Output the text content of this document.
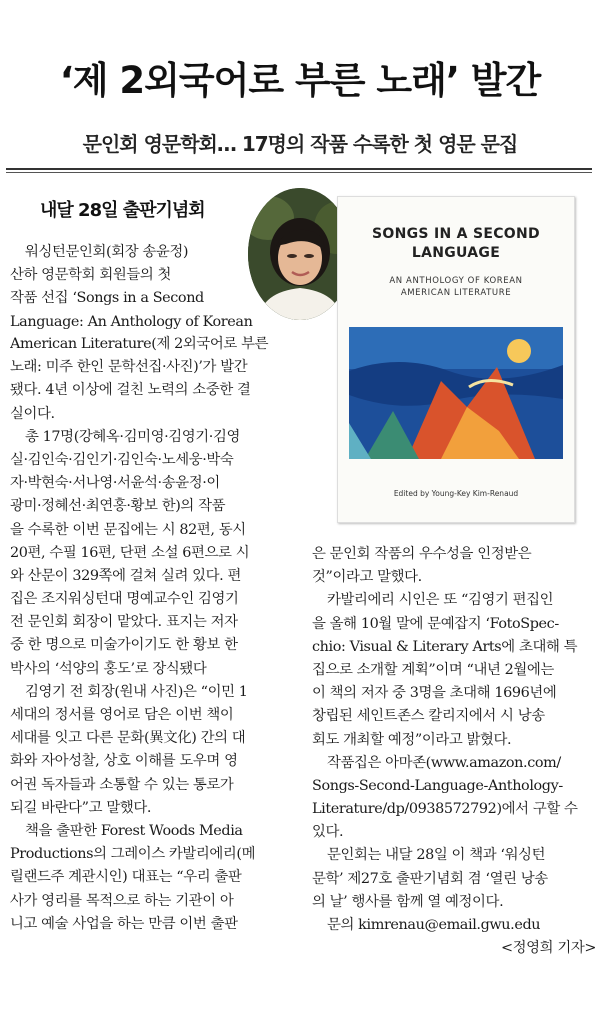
‘제 2외국어로 부른 노래’ 발간
문인회 영문학회… 17명의 작품 수록한 첫 영문 문집
내달 28일 출판기념회
SONGS IN A SECOND
LANGUAGE
AN ANTHOLOGY OF KOREAN
AMERICAN LITERATURE
Edited by Young-Key Kim-Renaud
워싱턴문인회(회장 송윤정)
산하 영문학회 회원들의 첫
작품 선집 ‘Songs in a Second
Language: An Anthology of Korean
American Literature(제 2외국어로 부른
노래: 미주 한인 문학선집·사진)’가 발간
됐다. 4년 이상에 걸친 노력의 소중한 결
실이다.
총 17명(강혜옥·김미영·김영기·김영
실·김인숙·김인기·김인숙·노세웅·박숙
자·박현숙·서나영·서윤석·송윤정·이
광미·정혜선·최연홍·황보 한)의 작품
을 수록한 이번 문집에는 시 82편, 동시
20편, 수필 16편, 단편 소설 6편으로 시
와 산문이 329쪽에 걸쳐 실려 있다. 편
집은 조지워싱턴대 명예교수인 김영기
전 문인회 회장이 맡았다. 표지는 저자
중 한 명으로 미술가이기도 한 황보 한
박사의 ‘석양의 홍도’로 장식됐다
김영기 전 회장(원내 사진)은 “이민 1
세대의 정서를 영어로 담은 이번 책이
세대를 잇고 다른 문화(異文化) 간의 대
화와 자아성찰, 상호 이해를 도우며 영
어권 독자들과 소통할 수 있는 통로가
되길 바란다”고 말했다.
책을 출판한 Forest Woods Media
Productions의 그레이스 카발리에리(메
릴랜드주 계관시인) 대표는 “우리 출판
사가 영리를 목적으로 하는 기관이 아
니고 예술 사업을 하는 만큼 이번 출판
은 문인회 작품의 우수성을 인정받은
것”이라고 말했다.
카발리에리 시인은 또 “김영기 편집인
을 올해 10월 말에 문예잡지 ‘FotoSpec-
chio: Visual & Literary Arts에 초대해 특
집으로 소개할 계획”이며 “내년 2월에는
이 책의 저자 중 3명을 초대해 1696년에
창립된 세인트존스 칼리지에서 시 낭송
회도 개최할 예정”이라고 밝혔다.
작품집은 아마존(www.amazon.com/
Songs-Second-Language-Anthology-
Literature/dp/0938572792)에서 구할 수
있다.
문인회는 내달 28일 이 책과 ‘워싱턴
문학’ 제27호 출판기념회 겸 ‘열린 낭송
의 날’ 행사를 함께 열 예정이다.
문의 kimrenau@email.gwu.edu
<정영희 기자>
